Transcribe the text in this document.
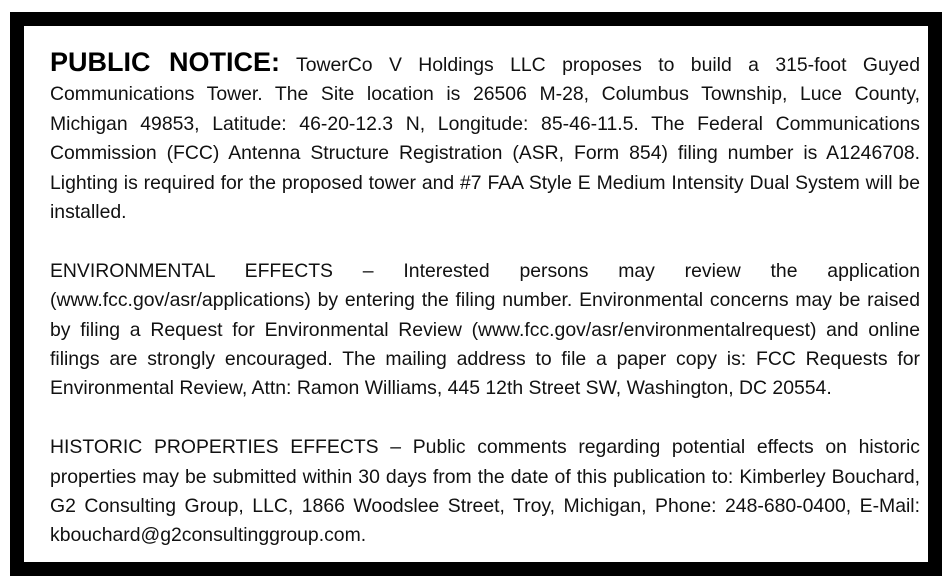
PUBLIC NOTICE: TowerCo V Holdings LLC proposes to build a 315-foot Guyed Communications Tower. The Site location is 26506 M-28, Columbus Township, Luce County, Michigan 49853, Latitude: 46-20-12.3 N, Longitude: 85-46-11.5. The Federal Communications Commission (FCC) Antenna Structure Registration (ASR, Form 854) filing number is A1246708. Lighting is required for the proposed tower and #7 FAA Style E Medium Intensity Dual System will be installed.

ENVIRONMENTAL EFFECTS – Interested persons may review the application (www.fcc.gov/asr/applications) by entering the filing number. Environmental concerns may be raised by filing a Request for Environmental Review (www.fcc.gov/asr/environmentalrequest) and online filings are strongly encouraged. The mailing address to file a paper copy is: FCC Requests for Environmental Review, Attn: Ramon Williams, 445 12th Street SW, Washington, DC 20554.

HISTORIC PROPERTIES EFFECTS – Public comments regarding potential effects on historic properties may be submitted within 30 days from the date of this publication to: Kimberley Bouchard, G2 Consulting Group, LLC, 1866 Woodslee Street, Troy, Michigan, Phone: 248-680-0400, E-Mail: kbouchard@g2consultinggroup.com.
